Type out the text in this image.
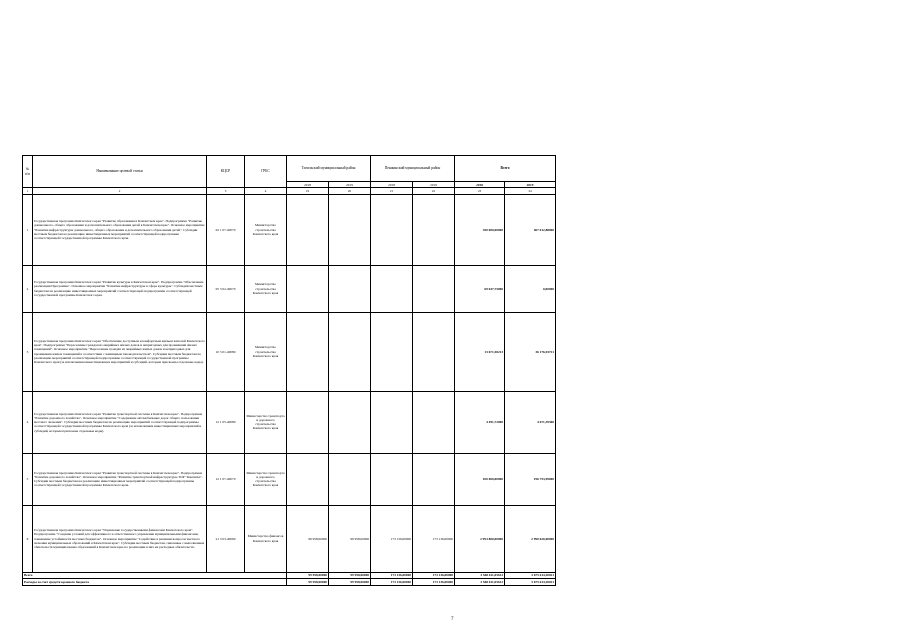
№
п/п	Наименование целевой статьи	КЦСР	ГРБС	Тигильский муниципальный район		Пенжинский муниципальный район		Всего	
				2018	2019	2018	2019	2018	2019
1	2	3	4	19	20	21	22	23	24
1	Государственная программа Камчатского края "Развитие образования в Камчатском крае". Подпрограмма "Развитие дошкольного, общего образования и дополнительного образования детей в Камчатском крае". Основное мероприятие "Развитие инфраструктуры дошкольного, общего образования и дополнительного образования детей". Субсидии местным бюджетам на реализацию инвестиционных мероприятий соответствующей подпрограммы соответствующей государственной программы Камчатского края.	02 1 07-40070	Министерство строительства Камчатского края					350 000,00000	467 012,88000
2	Государственная программа Камчатского края "Развитие культуры в Камчатском крае". Подпрограмма "Обеспечение реализации Программы". Основное мероприятие "Развитие инфраструктуры в сфере культуры". Субсидии местным бюджетам на реализацию инвестиционных мероприятий соответствующей подпрограммы соответствующей государственной программы Камчатского края.	05 3 02-40070	Министерство строительства Камчатского края					69 647,75000	0,00000
3	Государственная программа Камчатского края "Обеспечение доступным и комфортным жильем жителей Камчатского края". Подпрограмма "Переселение граждан из аварийных жилых домов и непригодных для проживания жилых помещений". Основное мероприятие "Переселение граждан из аварийных жилых домов и непригодных для проживания жилых помещений в соответствии с жилищным законодательством". Субсидии местным бюджетам на реализацию мероприятий соответствующей подпрограммы соответствующей государственной программы Камчатского края (за исключением инвестиционных мероприятий и субсидий, которым присвоены отдельные коды).	10 3 01-40080	Министерство строительства Камчатского края					13 671,58213	36 176,93721
4	Государственная программа Камчатского края "Развитие транспортной системы в Камчатском крае". Подпрограмма "Развитие дорожного хозяйства". Основное мероприятие "Содержание автомобильных дорог общего пользования местного значения". Субсидии местным бюджетам на реализацию мероприятий соответствующей подпрограммы соответствующей государственной программы Камчатского края (за исключением инвестиционных мероприятий и субсидий, которым присвоены отдельные коды).	12 1 05-40080	Министерство транспорта и дорожного строительства Камчатского края					4 491,72000	4 671,39300
5	Государственная программа Камчатского края "Развитие транспортной системы в Камчатском крае". Подпрограмма "Развитие дорожного хозяйства". Основное мероприятие "Развитие транспортной инфраструктуры ТОР "Камчатка". Субсидии местным бюджетам на реализацию инвестиционных мероприятий соответствующей подпрограммы соответствующей государственной программы Камчатского края.	12 1 07-40070	Министерство транспорта и дорожного строительства Камчатского края					100 000,00000	196 753,99000
6	Государственная программа Камчатского края "Управление государственными финансами Камчатского края". Подпрограмма "Создание условий для эффективного и ответственного управления муниципальными финансами, повышение устойчивости местных бюджетов". Основное мероприятие "Содействие в решении вопросов местного значения муниципальных образований в Камчатском крае". Субсидии местным бюджетам, связанные с выполнением обязательств муниципальных образований в Камчатском крае по реализации в них их расходных обязательств.	21 3 03-40060	Министерство финансов Камчатского края	99 958,00000	99 958,00000	173 136,00000	173 136,00000	2 993 800,00000	2 990 620,00000
Всего				99 958,00000	99 958,00000	173 136,00000	173 136,00000	3 568 611,05613	3 675 614,20021
Расходы за счет средств краевого бюджета				99 958,00000	99 958,00000	173 136,00000	173 136,00000	3 568 611,05613	3 675 614,20021
7
